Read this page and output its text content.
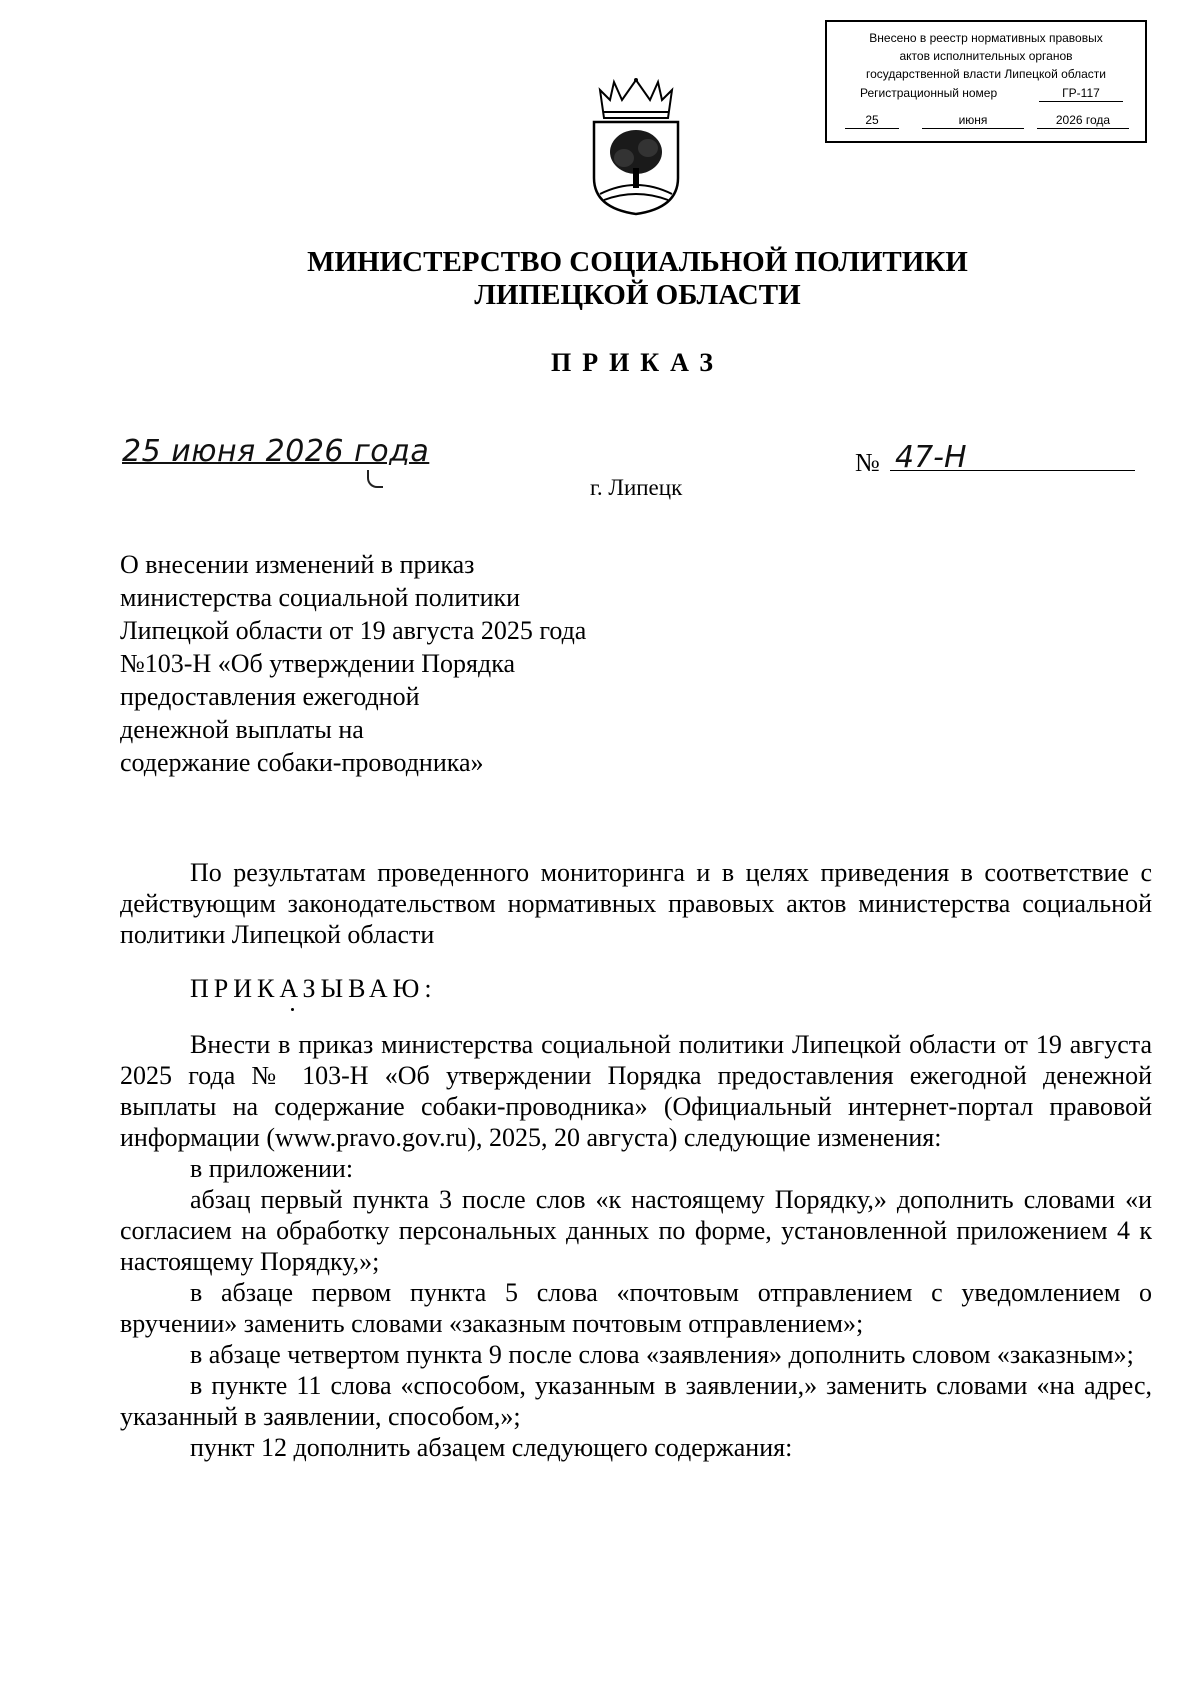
Внесено в реестр нормативных правовых
актов исполнительных органов
государственной власти Липецкой области
Регистрационный номер	ГР-117
25	июня	2026 года
МИНИСТЕРСТВО СОЦИАЛЬНОЙ ПОЛИТИКИ
ЛИПЕЦКОЙ ОБЛАСТИ
ПРИКАЗ
25 июня 2026 года	№ 47-Н
г. Липецк
О внесении изменений в приказ
министерства социальной политики
Липецкой области от 19 августа 2025 года
№103-Н «Об утверждении Порядка
предоставления ежегодной
денежной выплаты на
содержание собаки-проводника»

По результатам проведенного мониторинга и в целях приведения в соответствие с действующим законодательством нормативных правовых актов министерства социальной политики Липецкой области

ПРИКАЗЫВАЮ:

Внести в приказ министерства социальной политики Липецкой области от 19 августа 2025 года № 103-Н «Об утверждении Порядка предоставления ежегодной денежной выплаты на содержание собаки-проводника» (Официальный интернет-портал правовой информации (www.pravo.gov.ru), 2025, 20 августа) следующие изменения:

в приложении:

абзац первый пункта 3 после слов «к настоящему Порядку,» дополнить словами «и согласием на обработку персональных данных по форме, установленной приложением 4 к настоящему Порядку,»;

в абзаце первом пункта 5 слова «почтовым отправлением с уведомлением о вручении» заменить словами «заказным почтовым отправлением»;

в абзаце четвертом пункта 9 после слова «заявления» дополнить словом «заказным»;

в пункте 11 слова «способом, указанным в заявлении,» заменить словами «на адрес, указанный в заявлении, способом,»;

пункт 12 дополнить абзацем следующего содержания:
